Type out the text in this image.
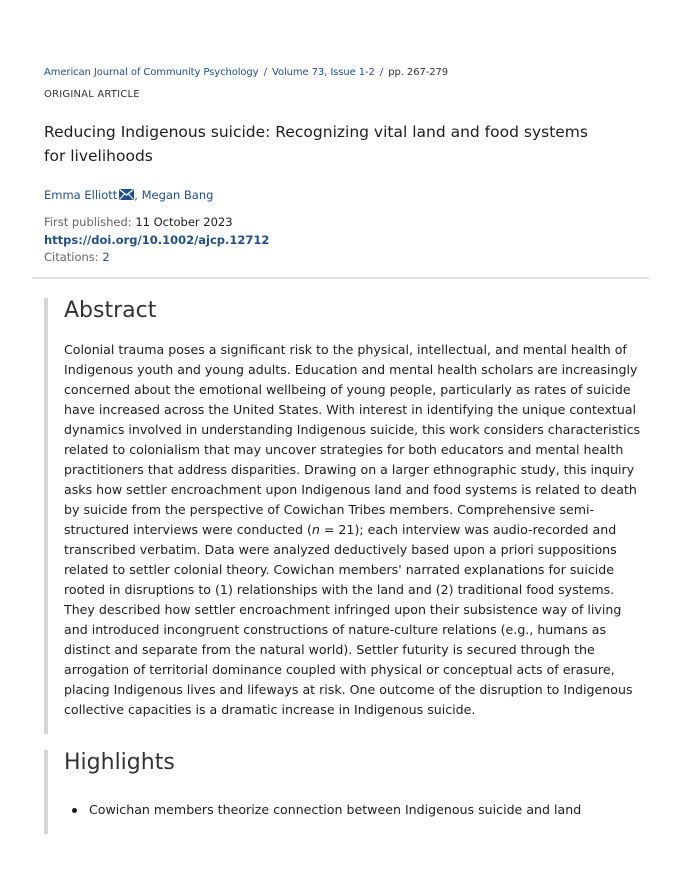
American Journal of Community Psychology / Volume 73, Issue 1-2 / pp. 267-279
ORIGINAL ARTICLE
Reducing Indigenous suicide: Recognizing vital land and food systems for livelihoods
Emma Elliott , Megan Bang
First published: 11 October 2023
https://doi.org/10.1002/ajcp.12712
Citations: 2
Abstract

Colonial trauma poses a significant risk to the physical, intellectual, and mental health of Indigenous youth and young adults. Education and mental health scholars are increasingly concerned about the emotional wellbeing of young people, particularly as rates of suicide have increased across the United States. With interest in identifying the unique contextual dynamics involved in understanding Indigenous suicide, this work considers characteristics related to colonialism that may uncover strategies for both educators and mental health practitioners that address disparities. Drawing on a larger ethnographic study, this inquiry asks how settler encroachment upon Indigenous land and food systems is related to death by suicide from the perspective of Cowichan Tribes members. Comprehensive semi-structured interviews were conducted (n = 21); each interview was audio-recorded and transcribed verbatim. Data were analyzed deductively based upon a priori suppositions related to settler colonial theory. Cowichan members' narrated explanations for suicide rooted in disruptions to (1) relationships with the land and (2) traditional food systems. They described how settler encroachment infringed upon their subsistence way of living and introduced incongruent constructions of nature-culture relations (e.g., humans as distinct and separate from the natural world). Settler futurity is secured through the arrogation of territorial dominance coupled with physical or conceptual acts of erasure, placing Indigenous lives and lifeways at risk. One outcome of the disruption to Indigenous collective capacities is a dramatic increase in Indigenous suicide.

Highlights
Cowichan members theorize connection between Indigenous suicide and land
